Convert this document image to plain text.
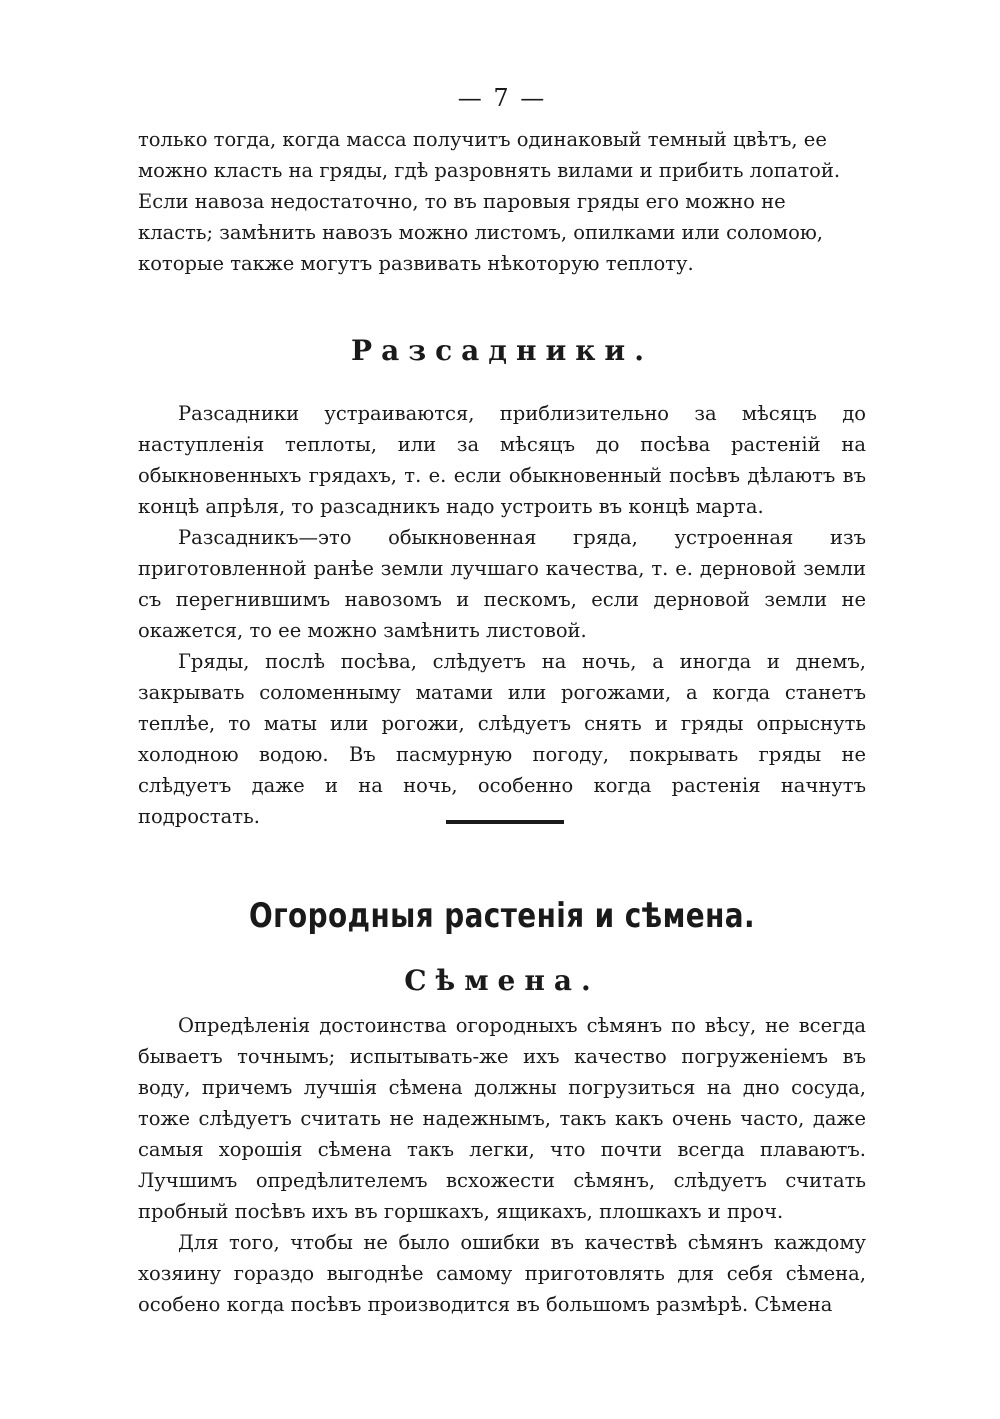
— 7 —

только тогда, когда масса получитъ одинаковый темный цвѣтъ, ее

можно класть на гряды, гдѣ разровнять вилами и прибить лопатой.

Если навоза недостаточно, то въ паровыя гряды его можно не

класть; замѣнить навозъ можно листомъ, опилками или соломою,

которые также могутъ развивать нѣкоторую теплоту.

Разсадники.

Разсадники устраиваются, приблизительно за мѣсяцъ до наступленія теплоты, или за мѣсяцъ до посѣва растеній на обыкновенныхъ грядахъ, т. е. если обыкновенный посѣвъ дѣлаютъ въ концѣ апрѣля, то разсадникъ надо устроить въ концѣ марта.

Разсадникъ—это обыкновенная гряда, устроенная изъ приготовленной ранѣе земли лучшаго качества, т. е. дерновой земли съ перегнившимъ навозомъ и пескомъ, если дерновой земли не окажется, то ее можно замѣнить листовой.

Гряды, послѣ посѣва, слѣдуетъ на ночь, а иногда и днемъ, закрывать соломенныму матами или рогожами, а когда станетъ теплѣе, то маты или рогожи, слѣдуетъ снять и гряды опрыснуть холодною водою. Въ пасмурную погоду, покрывать гряды не слѣдуетъ даже и на ночь, особенно когда растенія начнутъ подростать.

Огородныя растенія и сѣмена.
Сѣмена.

Опредѣленія достоинства огородныхъ сѣмянъ по вѣсу, не всегда бываетъ точнымъ; испытывать-же ихъ качество погруженіемъ въ воду, причемъ лучшія сѣмена должны погрузиться на дно сосуда, тоже слѣдуетъ считать не надежнымъ, такъ какъ очень часто, даже самыя хорошія сѣмена такъ легки, что почти всегда плаваютъ. Лучшимъ опредѣлителемъ всхожести сѣмянъ, слѣдуетъ считать пробный посѣвъ ихъ въ горшкахъ, ящикахъ, плошкахъ и проч.

Для того, чтобы не было ошибки въ качествѣ сѣмянъ каждому хозяину гораздо выгоднѣе самому приготовлять для себя сѣмена, особено когда посѣвъ производится въ большомъ размѣрѣ. Сѣмена
